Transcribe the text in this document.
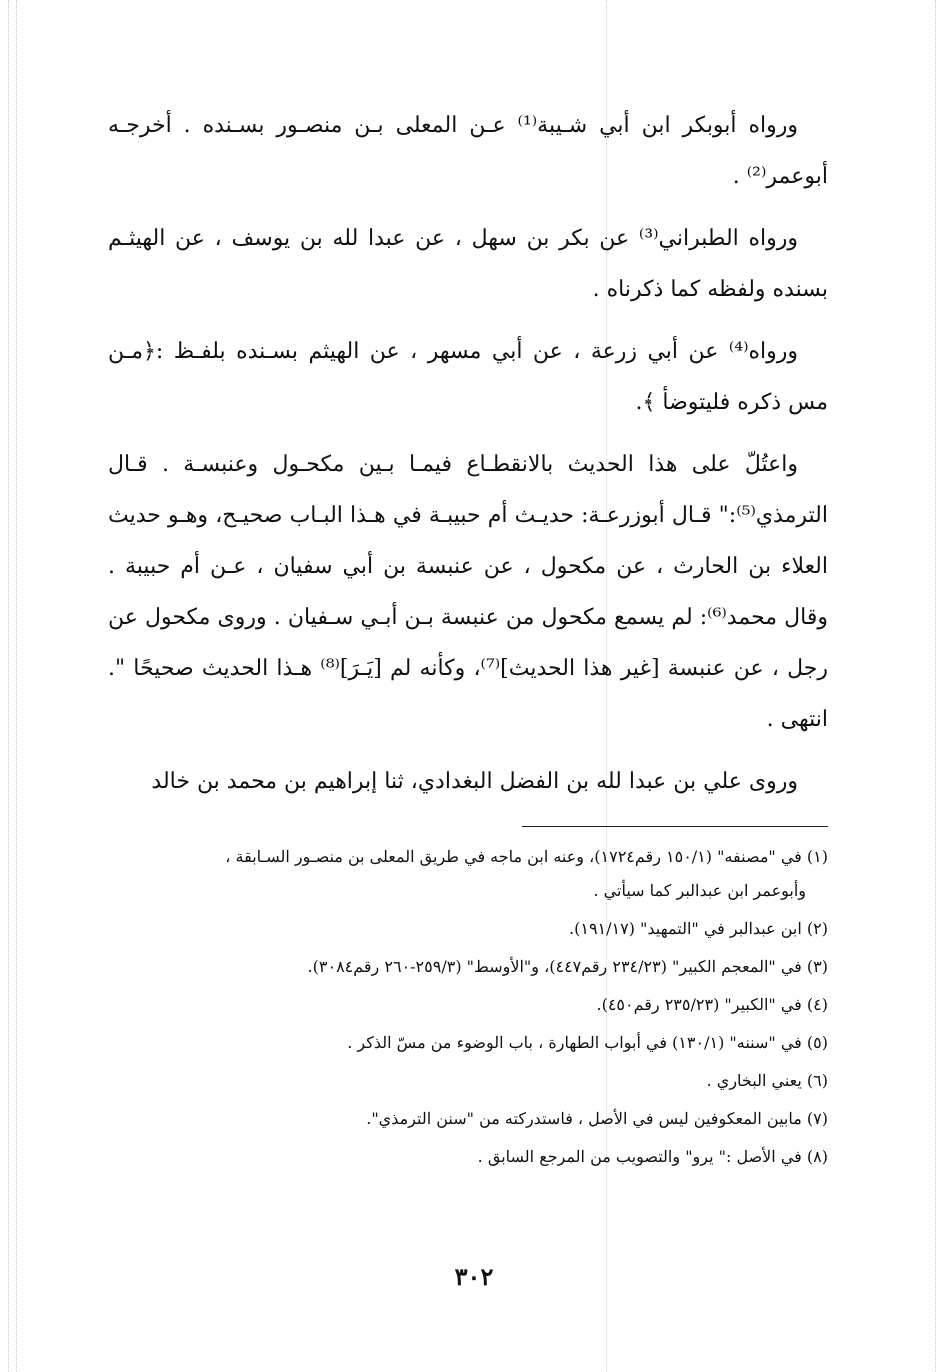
ورواه أبوبكر ابن أبي شـيبة⁽¹⁾ عـن المعلى بـن منصـور بسـنده . أخرجـه أبوعمر⁽²⁾ .

ورواه الطبراني⁽³⁾ عن بكر بن سهل ، عن عبدا لله بن يوسف ، عن الهيثـم بسنده ولفظه كما ذكرناه .

ورواه⁽⁴⁾ عن أبي زرعة ، عن أبي مسهر ، عن الهيثم بسـنده بلفـظ :﴿مـن مس ذكره فليتوضأ ﴾.

واعتُلّ على هذا الحديث بالانقطـاع فيمـا بـين مكحـول وعنبسـة . قـال الترمذي⁽⁵⁾:" قـال أبوزرعـة: حديـث أم حبيبـة في هـذا البـاب صحيـح، وهـو حديث العلاء بن الحارث ، عن مكحول ، عن عنبسة بن أبي سفيان ، عـن أم حبيبة . وقال محمد⁽⁶⁾: لم يسمع مكحول من عنبسة بـن أبـي سـفيان . وروى مكحول عن رجل ، عن عنبسة [غير هذا الحديث]⁽⁷⁾، وكأنه لم [يَـرَ]⁽⁸⁾ هـذا الحديث صحيحًا ". انتهى .

وروى علي بن عبدا لله بن الفضل البغدادي، ثنا إبراهيم بن محمد بن خالد

(١) في "مصنفه" (١٥٠/١ رقم١٧٢٤)، وعنه ابن ماجه في طريق المعلى بن منصـور السـابقة ،
وأبوعمر ابن عبدالبر كما سيأتي .
(٢) ابن عبدالبر في "التمهيد" (١٩١/١٧).
(٣) في "المعجم الكبير" (٢٣٤/٢٣ رقم٤٤٧)، و"الأوسط" (٢٥٩/٣-٢٦٠ رقم٣٠٨٤).
(٤) في "الكبير" (٢٣٥/٢٣ رقم٤٥٠).
(٥) في "سننه" (١٣٠/١) في أبواب الطهارة ، باب الوضوء من مسّ الذكر .
(٦) يعني البخاري .
(٧) مابين المعكوفين ليس في الأصل ، فاستدركته من "سنن الترمذي".
(٨) في الأصل :" يرو" والتصويب من المرجع السابق .
٣٠٢
